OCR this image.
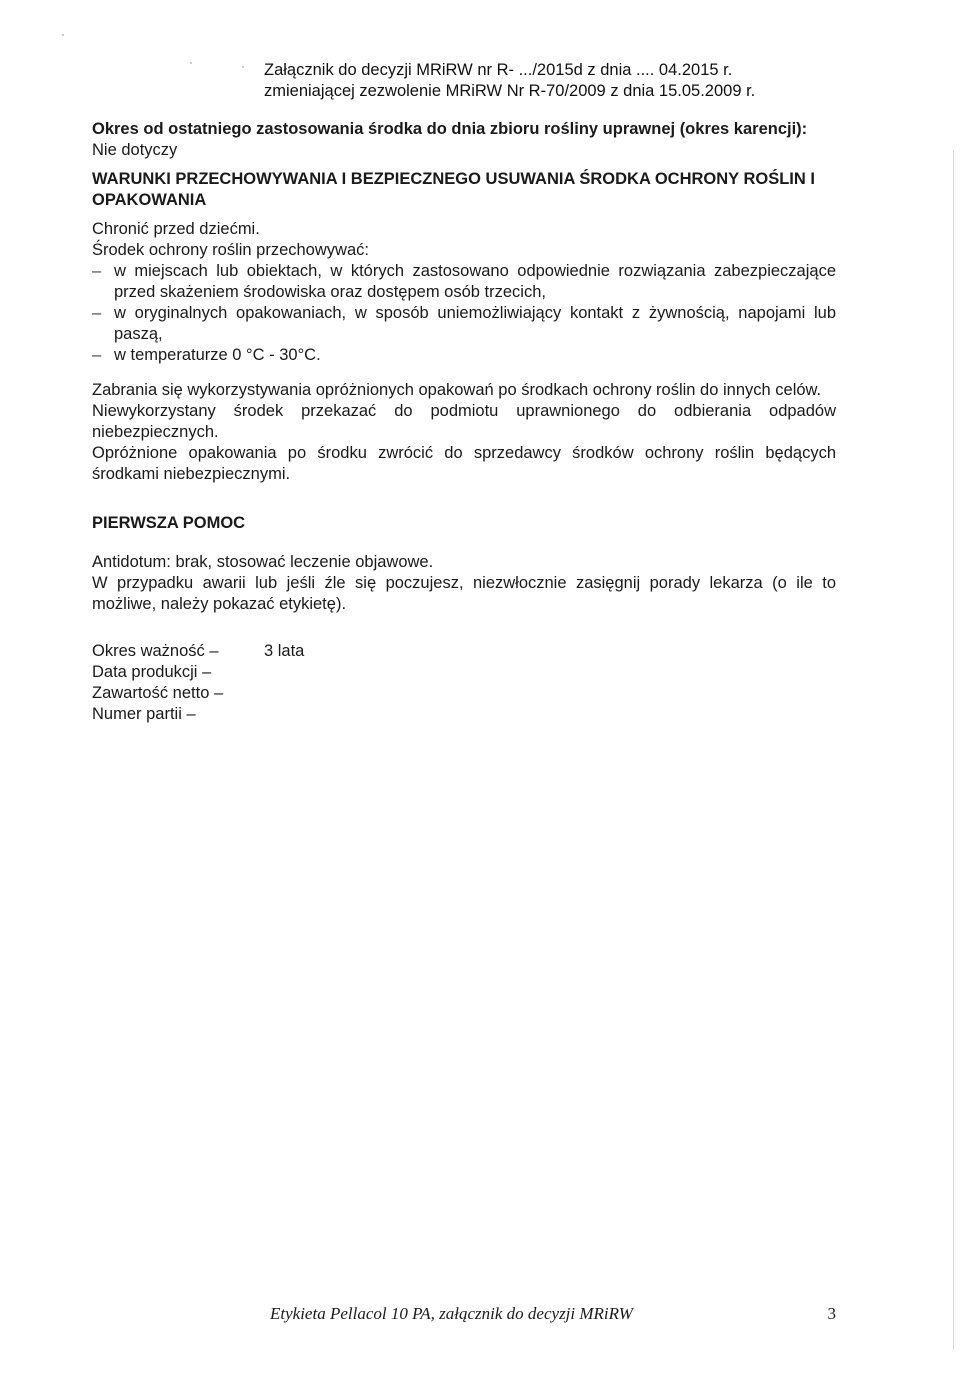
Załącznik do decyzji MRiRW nr R- .../2015d z dnia .... 04.2015 r.
zmieniającej zezwolenie MRiRW Nr R-70/2009 z dnia 15.05.2009 r.
Okres od ostatniego zastosowania środka do dnia zbioru rośliny uprawnej (okres karencji):
Nie dotyczy
WARUNKI PRZECHOWYWANIA I BEZPIECZNEGO USUWANIA ŚRODKA OCHRONY ROŚLIN I OPAKOWANIA
Chronić przed dziećmi.
Środek ochrony roślin przechowywać:
– w miejscach lub obiektach, w których zastosowano odpowiednie rozwiązania zabezpieczające przed skażeniem środowiska oraz dostępem osób trzecich,
– w oryginalnych opakowaniach, w sposób uniemożliwiający kontakt z żywnością, napojami lub paszą,
– w temperaturze 0 °C - 30°C.
Zabrania się wykorzystywania opróżnionych opakowań po środkach ochrony roślin do innych celów.
Niewykorzystany środek przekazać do podmiotu uprawnionego do odbierania odpadów niebezpiecznych.
Opróżnione opakowania po środku zwrócić do sprzedawcy środków ochrony roślin będących środkami niebezpiecznymi.
PIERWSZA POMOC
Antidotum: brak, stosować leczenie objawowe.
W przypadku awarii lub jeśli źle się poczujesz, niezwłocznie zasięgnij porady lekarza (o ile to możliwe, należy pokazać etykietę).
Okres ważność –	3 lata
Data produkcji –
Zawartość netto –
Numer partii –
Etykieta Pellacol 10 PA, załącznik do decyzji MRiRW	3
